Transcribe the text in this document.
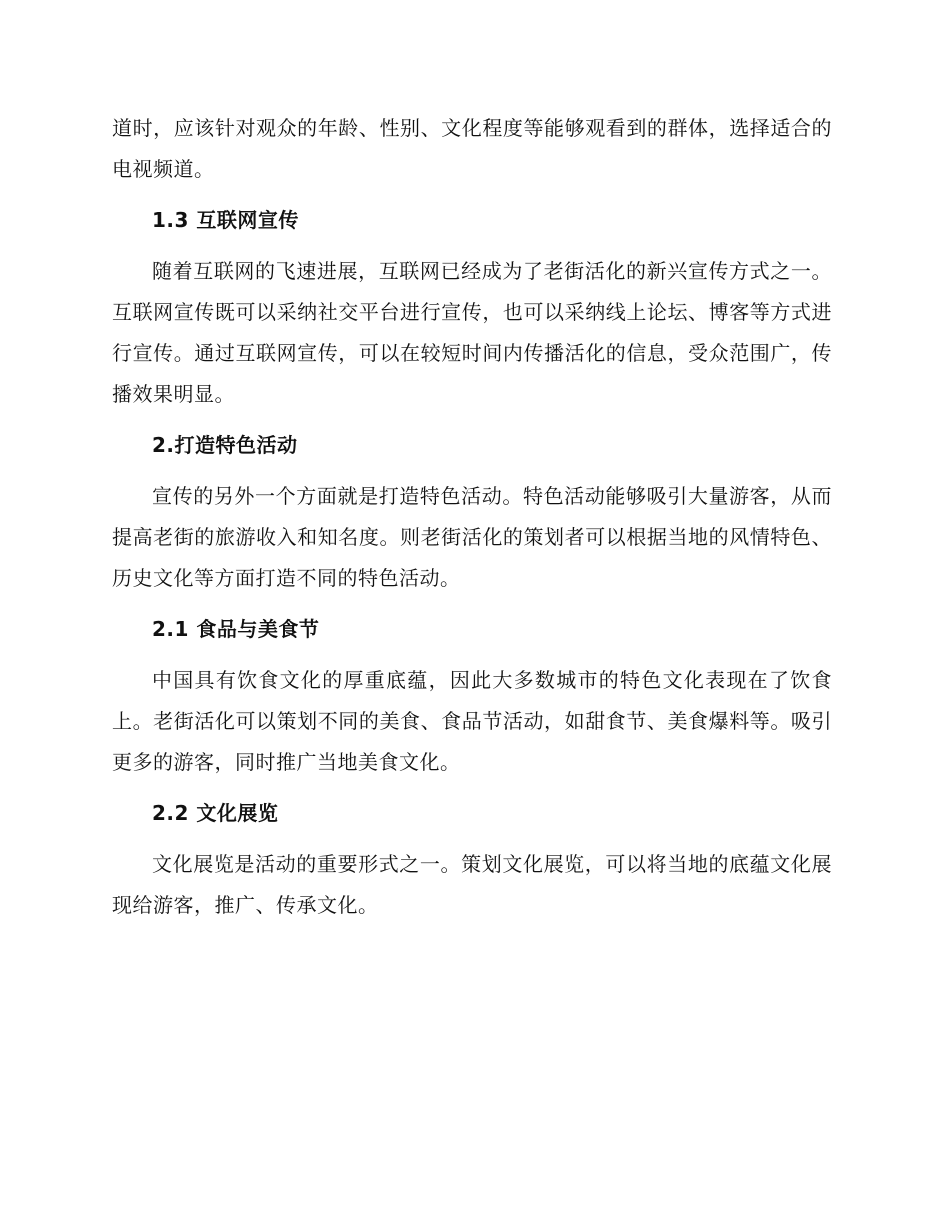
道时，应该针对观众的年龄、性别、文化程度等能够观看到的群体，选择适合的电视频道。

1.3 互联网宣传

随着互联网的飞速进展，互联网已经成为了老街活化的新兴宣传方式之一。互联网宣传既可以采纳社交平台进行宣传，也可以采纳线上论坛、博客等方式进行宣传。通过互联网宣传，可以在较短时间内传播活化的信息，受众范围广，传播效果明显。

2.打造特色活动

宣传的另外一个方面就是打造特色活动。特色活动能够吸引大量游客，从而提高老街的旅游收入和知名度。则老街活化的策划者可以根据当地的风情特色、历史文化等方面打造不同的特色活动。

2.1 食品与美食节

中国具有饮食文化的厚重底蕴，因此大多数城市的特色文化表现在了饮食上。老街活化可以策划不同的美食、食品节活动，如甜食节、美食爆料等。吸引更多的游客，同时推广当地美食文化。

2.2 文化展览

文化展览是活动的重要形式之一。策划文化展览，可以将当地的底蕴文化展现给游客，推广、传承文化。
